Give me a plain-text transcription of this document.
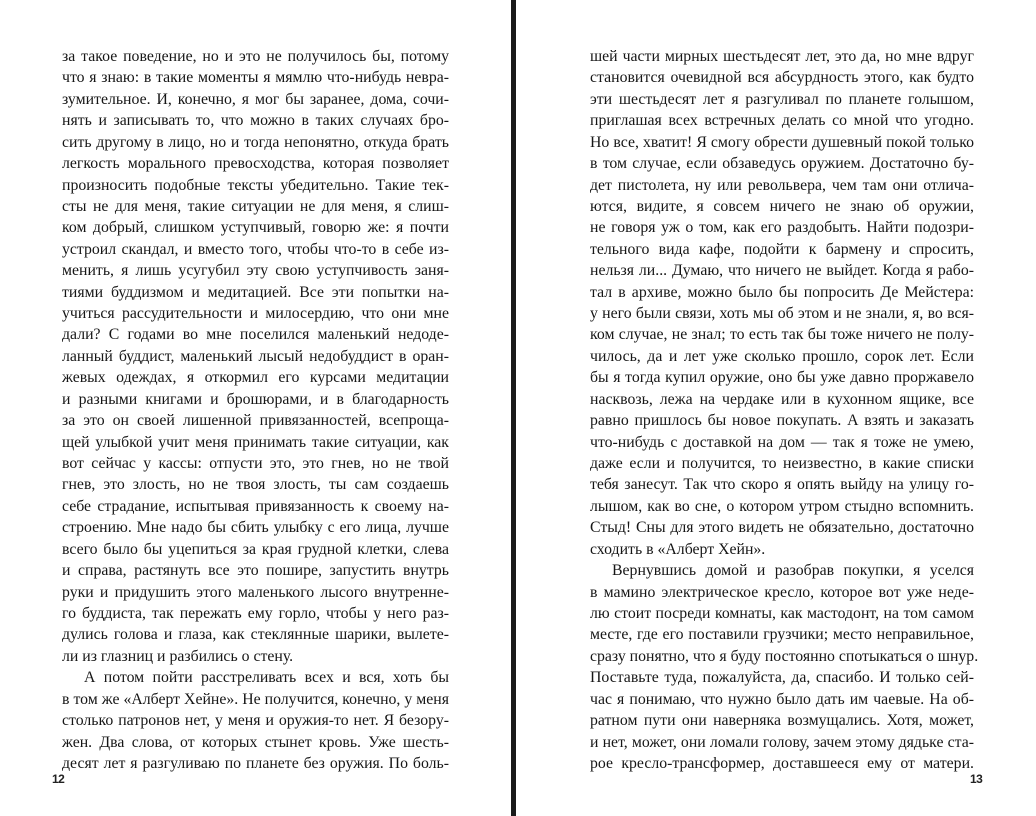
за такое поведение, но и это не получилось бы, потому
что я знаю: в такие моменты я мямлю что-нибудь невра-
зумительное. И, конечно, я мог бы заранее, дома, сочи-
нять и записывать то, что можно в таких случаях бро-
сить другому в лицо, но и тогда непонятно, откуда брать
легкость морального превосходства, которая позволяет
произносить подобные тексты убедительно. Такие тек-
сты не для меня, такие ситуации не для меня, я слиш-
ком добрый, слишком уступчивый, говорю же: я почти
устроил скандал, и вместо того, чтобы что-то в себе из-
менить, я лишь усугубил эту свою уступчивость заня-
тиями буддизмом и медитацией. Все эти попытки на-
учиться рассудительности и милосердию, что они мне
дали? С годами во мне поселился маленький недоде-
ланный буддист, маленький лысый недобуддист в оран-
жевых одеждах, я откормил его курсами медитации
и разными книгами и брошюрами, и в благодарность
за это он своей лишенной привязанностей, всепроща-
щей улыбкой учит меня принимать такие ситуации, как
вот сейчас у кассы: отпусти это, это гнев, но не твой
гнев, это злость, но не твоя злость, ты сам создаешь
себе страдание, испытывая привязанность к своему на-
строению. Мне надо бы сбить улыбку с его лица, лучше
всего было бы уцепиться за края грудной клетки, слева
и справа, растянуть все это пошире, запустить внутрь
руки и придушить этого маленького лысого внутренне-
го буддиста, так пережать ему горло, чтобы у него раз-
дулись голова и глаза, как стеклянные шарики, вылете-
ли из глазниц и разбились о стену.
А потом пойти расстреливать всех и вся, хоть бы
в том же «Алберт Хейне». Не получится, конечно, у меня
столько патронов нет, у меня и оружия-то нет. Я безору-
жен. Два слова, от которых стынет кровь. Уже шесть-
десят лет я разгуливаю по планете без оружия. По боль-
шей части мирных шестьдесят лет, это да, но мне вдруг
становится очевидной вся абсурдность этого, как будто
эти шестьдесят лет я разгуливал по планете голышом,
приглашая всех встречных делать со мной что угодно.
Но все, хватит! Я смогу обрести душевный покой только
в том случае, если обзаведусь оружием. Достаточно бу-
дет пистолета, ну или револьвера, чем там они отлича-
ются, видите, я совсем ничего не знаю об оружии,
не говоря уж о том, как его раздобыть. Найти подозри-
тельного вида кафе, подойти к бармену и спросить,
нельзя ли... Думаю, что ничего не выйдет. Когда я рабо-
тал в архиве, можно было бы попросить Де Мейстера:
у него были связи, хоть мы об этом и не знали, я, во вся-
ком случае, не знал; то есть так бы тоже ничего не полу-
чилось, да и лет уже сколько прошло, сорок лет. Если
бы я тогда купил оружие, оно бы уже давно проржавело
насквозь, лежа на чердаке или в кухонном ящике, все
равно пришлось бы новое покупать. А взять и заказать
что-нибудь с доставкой на дом — так я тоже не умею,
даже если и получится, то неизвестно, в какие списки
тебя занесут. Так что скоро я опять выйду на улицу го-
лышом, как во сне, о котором утром стыдно вспомнить.
Стыд! Сны для этого видеть не обязательно, достаточно
сходить в «Алберт Хейн».
Вернувшись домой и разобрав покупки, я уселся
в мамино электрическое кресло, которое вот уже неде-
лю стоит посреди комнаты, как мастодонт, на том самом
месте, где его поставили грузчики; место неправильное,
сразу понятно, что я буду постоянно спотыкаться о шнур.
Поставьте туда, пожалуйста, да, спасибо. И только сей-
час я понимаю, что нужно было дать им чаевые. На об-
ратном пути они наверняка возмущались. Хотя, может,
и нет, может, они ломали голову, зачем этому дядьке ста-
рое кресло-трансформер, доставшееся ему от матери.
12	13
